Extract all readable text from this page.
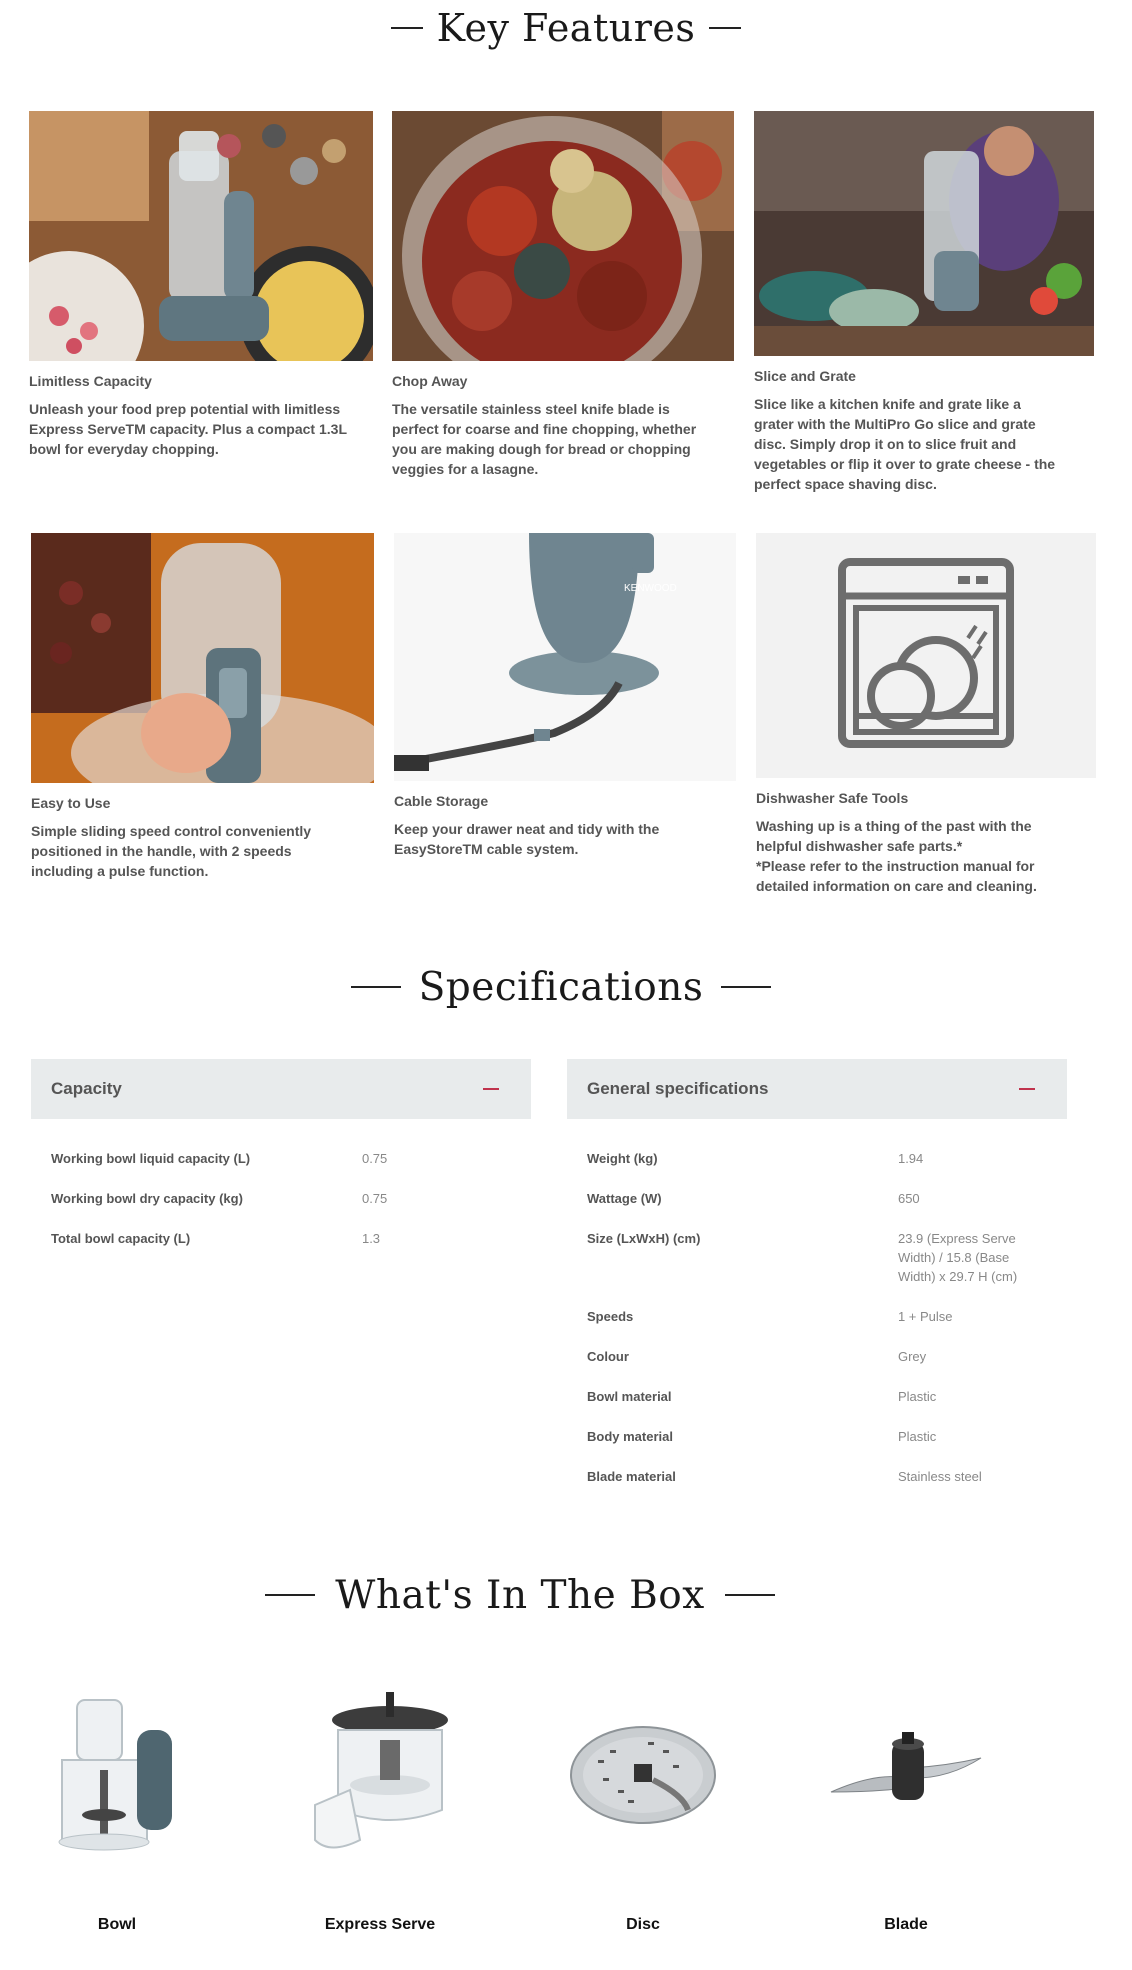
Key Features
Limitless Capacity

Unleash your food prep potential with limitless
Express ServeTM capacity. Plus a compact 1.3L
bowl for everyday chopping.

Chop Away

The versatile stainless steel knife blade is
perfect for coarse and fine chopping, whether
you are making dough for bread or chopping
veggies for a lasagne.

Slice and Grate

Slice like a kitchen knife and grate like a
grater with the MultiPro Go slice and grate
disc. Simply drop it on to slice fruit and
vegetables or flip it over to grate cheese - the
perfect space shaving disc.

Easy to Use

Simple sliding speed control conveniently
positioned in the handle, with 2 speeds
including a pulse function.

KENWOOD
Cable Storage

Keep your drawer neat and tidy with the
EasyStoreTM cable system.

Dishwasher Safe Tools

Washing up is a thing of the past with the
helpful dishwasher safe parts.*
*Please refer to the instruction manual for
detailed information on care and cleaning.

Specifications
Capacity
Working bowl liquid capacity (L)	0.75
Working bowl dry capacity (kg)	0.75
Total bowl capacity (L)	1.3
General specifications
Weight (kg)	1.94
Wattage (W)	650
Size (LxWxH) (cm)	23.9 (Express Serve Width) / 15.8 (Base Width) x 29.7 H (cm)
Speeds	1 + Pulse
Colour	Grey
Bowl material	Plastic
Body material	Plastic
Blade material	Stainless steel
What's In The Box
Bowl	Express Serve	Disc	Blade
